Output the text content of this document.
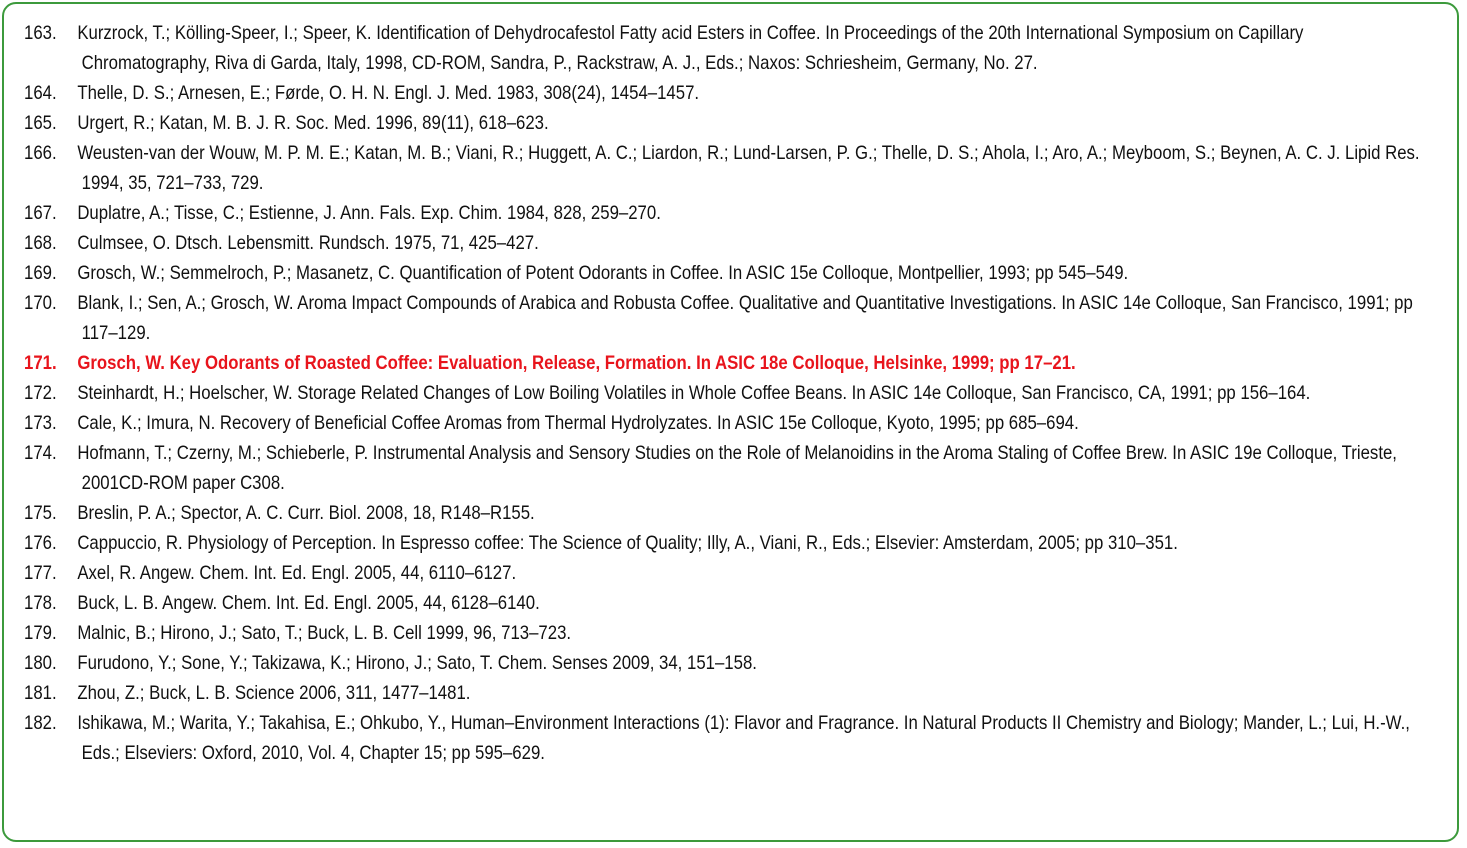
163. Kurzrock, T.; Kölling-Speer, I.; Speer, K. Identification of Dehydrocafestol Fatty acid Esters in Coffee. In Proceedings of the 20th International Symposium on Capillary Chromatography, Riva di Garda, Italy, 1998, CD-ROM, Sandra, P., Rackstraw, A. J., Eds.; Naxos: Schriesheim, Germany, No. 27.
164. Thelle, D. S.; Arnesen, E.; Førde, O. H. N. Engl. J. Med. 1983, 308(24), 1454–1457.
165. Urgert, R.; Katan, M. B. J. R. Soc. Med. 1996, 89(11), 618–623.
166. Weusten-van der Wouw, M. P. M. E.; Katan, M. B.; Viani, R.; Huggett, A. C.; Liardon, R.; Lund-Larsen, P. G.; Thelle, D. S.; Ahola, I.; Aro, A.; Meyboom, S.; Beynen, A. C. J. Lipid Res. 1994, 35, 721–733, 729.
167. Duplatre, A.; Tisse, C.; Estienne, J. Ann. Fals. Exp. Chim. 1984, 828, 259–270.
168. Culmsee, O. Dtsch. Lebensmitt. Rundsch. 1975, 71, 425–427.
169. Grosch, W.; Semmelroch, P.; Masanetz, C. Quantification of Potent Odorants in Coffee. In ASIC 15e Colloque, Montpellier, 1993; pp 545–549.
170. Blank, I.; Sen, A.; Grosch, W. Aroma Impact Compounds of Arabica and Robusta Coffee. Qualitative and Quantitative Investigations. In ASIC 14e Colloque, San Francisco, 1991; pp 117–129.
171. Grosch, W. Key Odorants of Roasted Coffee: Evaluation, Release, Formation. In ASIC 18e Colloque, Helsinke, 1999; pp 17–21.
172. Steinhardt, H.; Hoelscher, W. Storage Related Changes of Low Boiling Volatiles in Whole Coffee Beans. In ASIC 14e Colloque, San Francisco, CA, 1991; pp 156–164.
173. Cale, K.; Imura, N. Recovery of Beneficial Coffee Aromas from Thermal Hydrolyzates. In ASIC 15e Colloque, Kyoto, 1995; pp 685–694.
174. Hofmann, T.; Czerny, M.; Schieberle, P. Instrumental Analysis and Sensory Studies on the Role of Melanoidins in the Aroma Staling of Coffee Brew. In ASIC 19e Colloque, Trieste, 2001CD-ROM paper C308.
175. Breslin, P. A.; Spector, A. C. Curr. Biol. 2008, 18, R148–R155.
176. Cappuccio, R. Physiology of Perception. In Espresso coffee: The Science of Quality; Illy, A., Viani, R., Eds.; Elsevier: Amsterdam, 2005; pp 310–351.
177. Axel, R. Angew. Chem. Int. Ed. Engl. 2005, 44, 6110–6127.
178. Buck, L. B. Angew. Chem. Int. Ed. Engl. 2005, 44, 6128–6140.
179. Malnic, B.; Hirono, J.; Sato, T.; Buck, L. B. Cell 1999, 96, 713–723.
180. Furudono, Y.; Sone, Y.; Takizawa, K.; Hirono, J.; Sato, T. Chem. Senses 2009, 34, 151–158.
181. Zhou, Z.; Buck, L. B. Science 2006, 311, 1477–1481.
182. Ishikawa, M.; Warita, Y.; Takahisa, E.; Ohkubo, Y., Human–Environment Interactions (1): Flavor and Fragrance. In Natural Products II Chemistry and Biology; Mander, L.; Lui, H.-W., Eds.; Elseviers: Oxford, 2010, Vol. 4, Chapter 15; pp 595–629.
